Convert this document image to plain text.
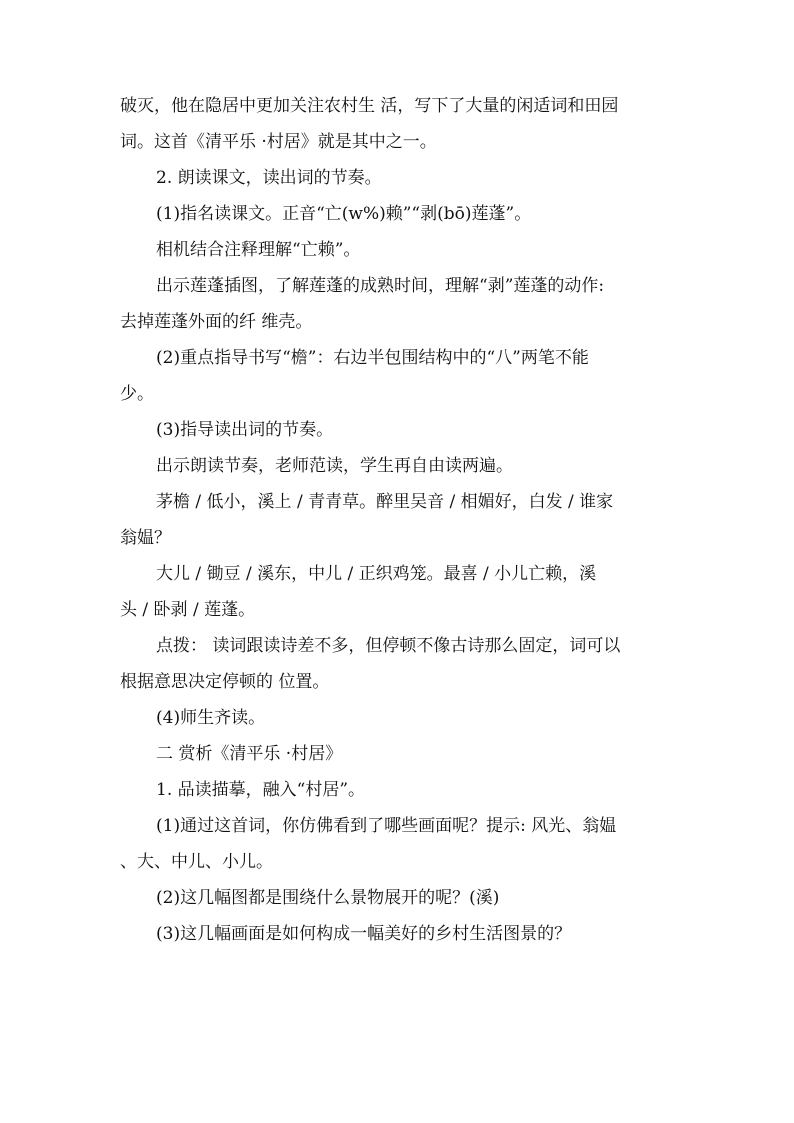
破灭，他在隐居中更加关注农村生 活，写下了大量的闲适词和田园
词。这首《清平乐 ·村居》就是其中之一。
2. 朗读课文，读出词的节奏。
(1)指名读课文。正音“亡(w%)赖”“剥(bō)莲蓬”。
相机结合注释理解“亡赖”。
出示莲蓬插图，了解莲蓬的成熟时间，理解“剥”莲蓬的动作:
去掉莲蓬外面的纤 维壳。
(2)重点指导书写“檐”：右边半包围结构中的“八”两笔不能
少。
(3)指导读出词的节奏。
出示朗读节奏，老师范读，学生再自由读两遍。
茅檐 / 低小，溪上 / 青青草。醉里吴音 / 相媚好，白发 / 谁家
翁媪？
大儿 / 锄豆 / 溪东，中儿 / 正织鸡笼。最喜 / 小儿亡赖，溪
头 / 卧剥 / 莲蓬。
点拨： 读词跟读诗差不多，但停顿不像古诗那么固定，词可以
根据意思决定停顿的 位置。
(4)师生齐读。
二 赏析《清平乐 ·村居》
1. 品读描摹，融入“村居”。
(1)通过这首词，你仿佛看到了哪些画面呢？提示: 风光、翁媪
、大、中儿、小儿。
(2)这几幅图都是围绕什么景物展开的呢？(溪)
(3)这几幅画面是如何构成一幅美好的乡村生活图景的？
